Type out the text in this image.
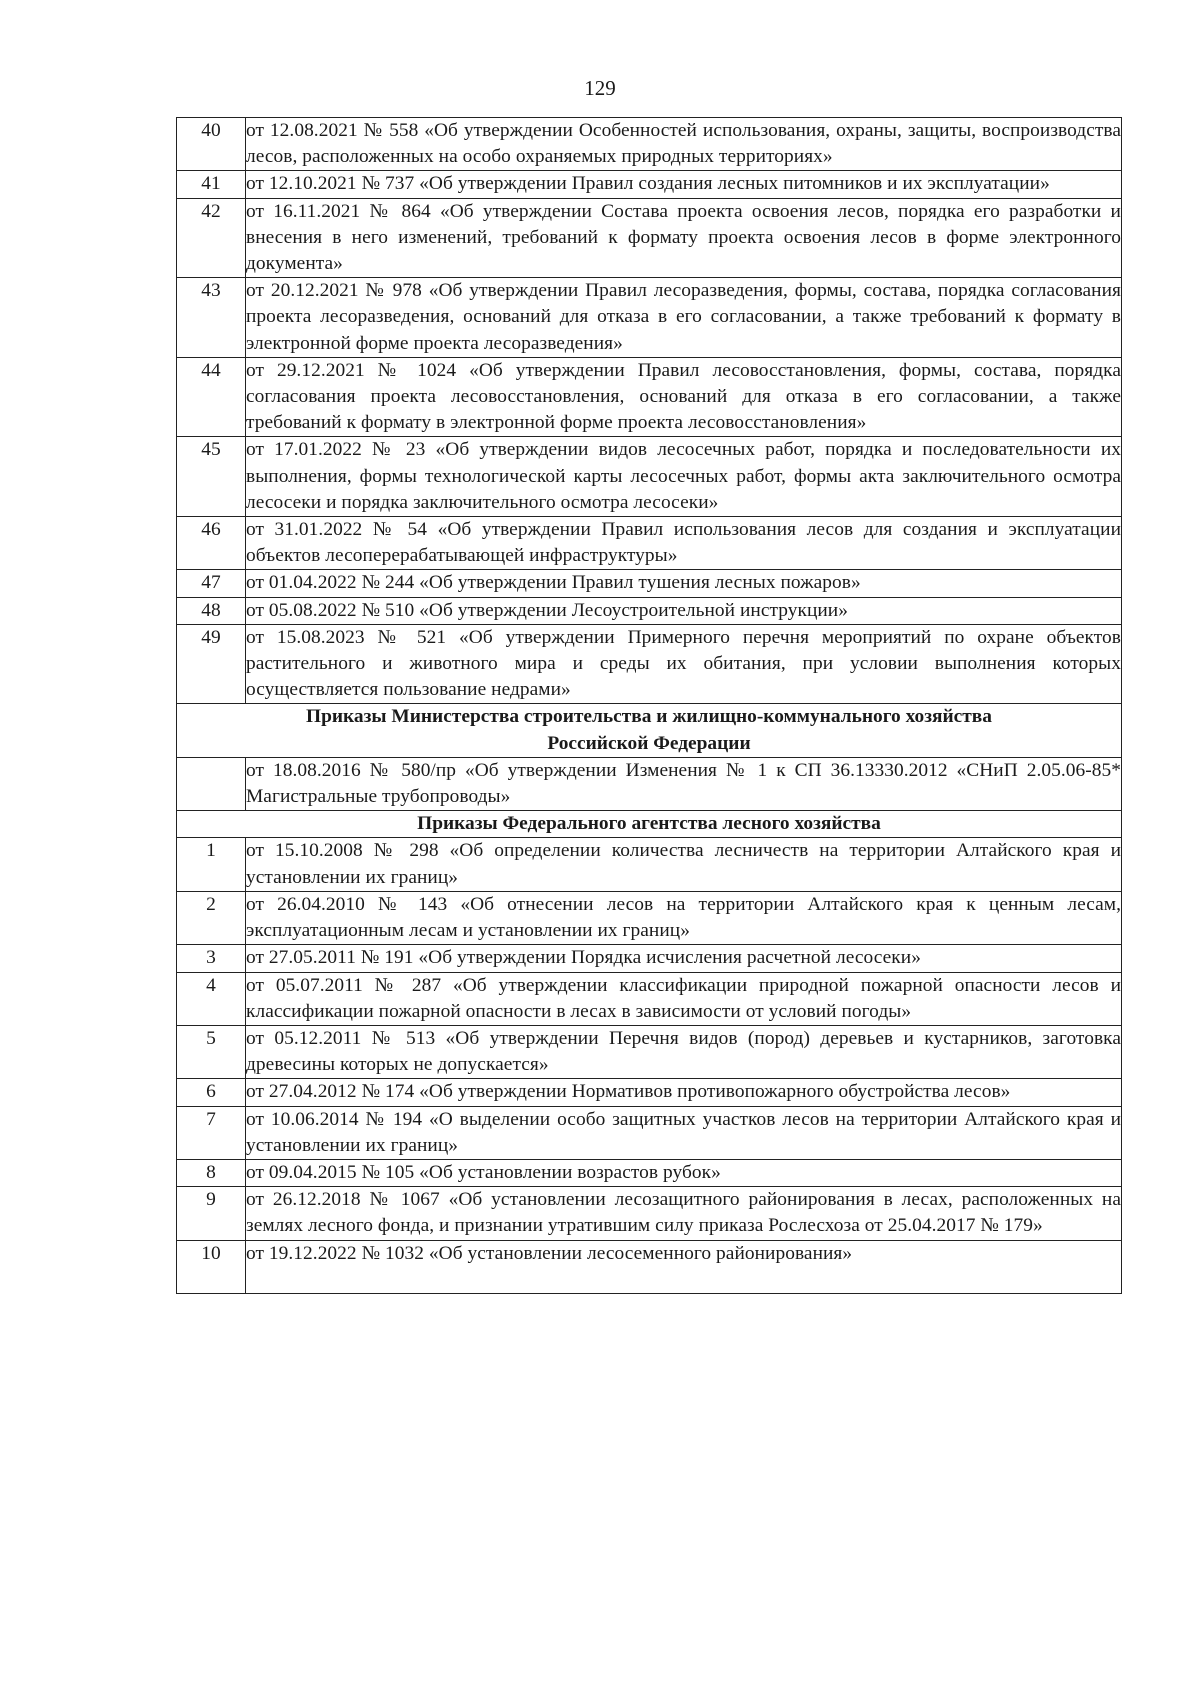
129
40	от 12.08.2021 № 558 «Об утверждении Особенностей использования, охраны, защиты, воспроизводства лесов, расположенных на особо охраняемых природных территориях»
41	от 12.10.2021 № 737 «Об утверждении Правил создания лесных питомников и их эксплуатации»
42	от 16.11.2021 № 864 «Об утверждении Состава проекта освоения лесов, порядка его разработки и внесения в него изменений, требований к формату проекта освоения лесов в форме электронного документа»
43	от 20.12.2021 № 978 «Об утверждении Правил лесоразведения, формы, состава, порядка согласования проекта лесоразведения, оснований для отказа в его согласовании, а также требований к формату в электронной форме проекта лесоразведения»
44	от 29.12.2021 № 1024 «Об утверждении Правил лесовосстановления, формы, состава, порядка согласования проекта лесовосстановления, оснований для отказа в его согласовании, а также требований к формату в электронной форме проекта лесовосстановления»
45	от 17.01.2022 № 23 «Об утверждении видов лесосечных работ, порядка и последовательности их выполнения, формы технологической карты лесосечных работ, формы акта заключительного осмотра лесосеки и порядка заключительного осмотра лесосеки»
46	от 31.01.2022 № 54 «Об утверждении Правил использования лесов для создания и эксплуатации объектов лесоперерабатывающей инфраструктуры»
47	от 01.04.2022 № 244 «Об утверждении Правил тушения лесных пожаров»
48	от 05.08.2022 № 510 «Об утверждении Лесоустроительной инструкции»
49	от 15.08.2023 № 521 «Об утверждении Примерного перечня мероприятий по охране объектов растительного и животного мира и среды их обитания, при условии выполнения которых осуществляется пользование недрами»

Приказы Министерства строительства и жилищно-коммунального хозяйства
Российской Федерации	

	от 18.08.2016 № 580/пр «Об утверждении Изменения № 1 к СП 36.13330.2012 «СНиП 2.05.06-85* Магистральные трубопроводы»
Приказы Федерального агентства лесного хозяйства	
1	от 15.10.2008 № 298 «Об определении количества лесничеств на территории Алтайского края и установлении их границ»
2	от 26.04.2010 № 143 «Об отнесении лесов на территории Алтайского края к ценным лесам, эксплуатационным лесам и установлении их границ»
3	от 27.05.2011 № 191 «Об утверждении Порядка исчисления расчетной лесосеки»
4	от 05.07.2011 № 287 «Об утверждении классификации природной пожарной опасности лесов и классификации пожарной опасности в лесах в зависимости от условий погоды»
5	от 05.12.2011 № 513 «Об утверждении Перечня видов (пород) деревьев и кустарников, заготовка древесины которых не допускается»
6	от 27.04.2012 № 174 «Об утверждении Нормативов противопожарного обустройства лесов»
7	от 10.06.2014 № 194 «О выделении особо защитных участков лесов на территории Алтайского края и установлении их границ»
8	от 09.04.2015 № 105 «Об установлении возрастов рубок»
9	от 26.12.2018 № 1067 «Об установлении лесозащитного районирования в лесах, расположенных на землях лесного фонда, и признании утратившим силу приказа Рослесхоза от 25.04.2017 № 179»
10	от 19.12.2022 № 1032 «Об установлении лесосеменного районирования»
